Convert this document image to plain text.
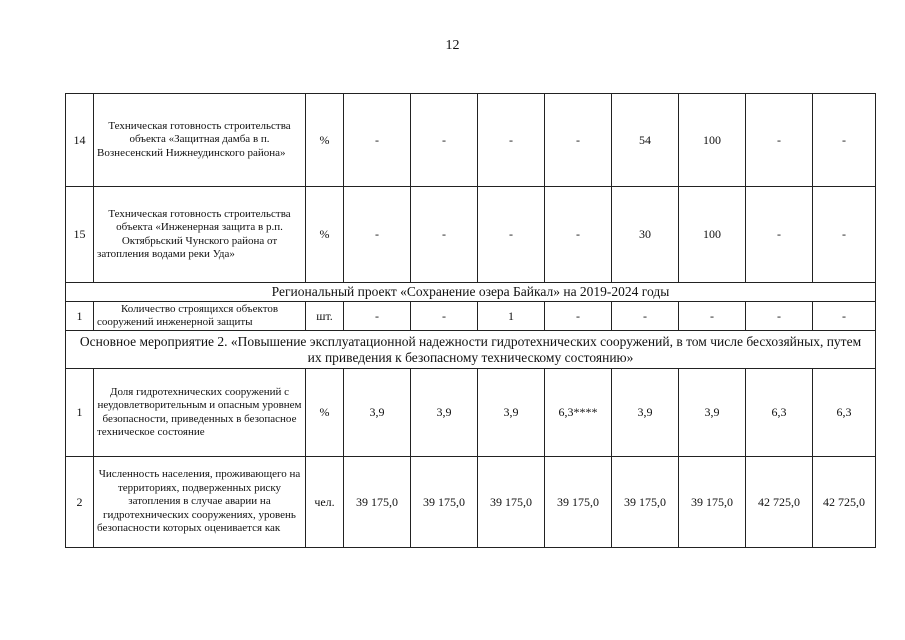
12
14	Техническая готовность строительства объекта «Защитная дамба в п. Вознесенский Нижнеудинского района»	%	-	-	-	-	54	100	-	-
15	Техническая готовность строительства объекта «Инженерная защита в р.п. Октябрьский Чунского района от затопления водами реки Уда»	%	-	-	-	-	30	100	-	-
Региональный проект «Сохранение озера Байкал» на 2019-2024 годы										
1	Количество строящихся объектов сооружений инженерной защиты	шт.	-	-	1	-	-	-	-	-
Основное мероприятие 2. «Повышение эксплуатационной надежности гидротехнических сооружений, в том числе бесхозяйных, путем их приведения к безопасному техническому состоянию»										
1	Доля гидротехнических сооружений с неудовлетворительным и опасным уровнем безопасности, приведенных в безопасное техническое состояние	%	3,9	3,9	3,9	6,3****	3,9	3,9	6,3	6,3
2	Численность населения, проживающего на территориях, подверженных риску затопления в случае аварии на гидротехнических сооружениях, уровень безопасности которых оценивается как	чел.	39 175,0	39 175,0	39 175,0	39 175,0	39 175,0	39 175,0	42 725,0	42 725,0
